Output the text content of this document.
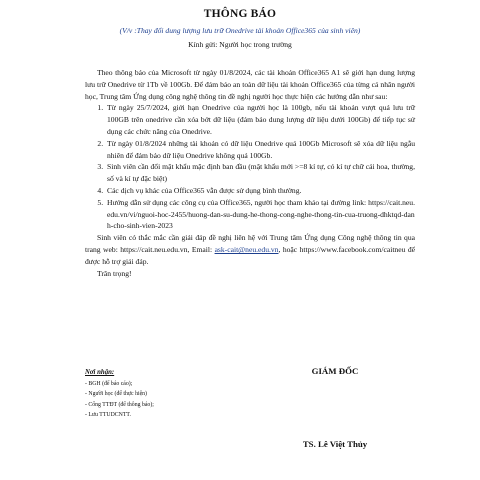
THÔNG BÁO
(V/v :Thay đổi dung lượng lưu trữ Onedrive tài khoản Office365 của sinh viên)
Kính gửi: Người học trong trường

Theo thông báo của Microsoft từ ngày 01/8/2024, các tài khoản Office365 A1 sẽ giới hạn dung lượng lưu trữ Onedrive từ 1Tb về 100Gb. Để đảm bảo an toàn dữ liệu tài khoản Office365 của từng cá nhân người học, Trung tâm Ứng dụng công nghệ thông tin đề nghị người học thực hiện các hướng dẫn như sau:

1. Từ ngày 25/7/2024, giới hạn Onedrive của người học là 100gb, nếu tài khoản vượt quá lưu trữ 100GB trên onedrive cần xóa bớt dữ liệu (đảm bảo dung lượng dữ liệu dưới 100Gb) để tiếp tục sử dụng các chức năng của Onedrive.
2. Từ ngày 01/8/2024 những tài khoản có dữ liệu Onedrive quá 100Gb Microsoft sẽ xóa dữ liệu ngẫu nhiên để đảm bảo dữ liệu Onedrive không quá 100Gb.
3. Sinh viên cần đổi mật khẩu mặc định ban đầu (mật khẩu mới >=8 kí tự, có kí tự chữ cái hoa, thường, số và kí tự đặc biệt)
4. Các dịch vụ khác của Office365 vẫn được sử dụng bình thường.
5. Hướng dẫn sử dụng các công cụ của Office365, người học tham khảo tại đường link: https://cait.neu.edu.vn/vi/nguoi-hoc-2455/huong-dan-su-dung-he-thong-cong-nghe-thong-tin-cua-truong-dhktqd-danh-cho-sinh-vien-2023

Sinh viên có thắc mắc cần giải đáp đề nghị liên hệ với Trung tâm Ứng dụng Công nghệ thông tin qua trang web: https://cait.neu.edu.vn, Email: ask-cait@neu.edu.vn, hoặc https://www.facebook.com/caitneu để được hỗ trợ giải đáp.

Trân trọng!

Nơi nhận:
- BGH (để báo cáo);
- Người học (để thực hiện)
- Cổng TTĐT (để thông báo);
- Lưu TTUDCNTT.
GIÁM ĐỐC
TS. Lê Việt Thủy
